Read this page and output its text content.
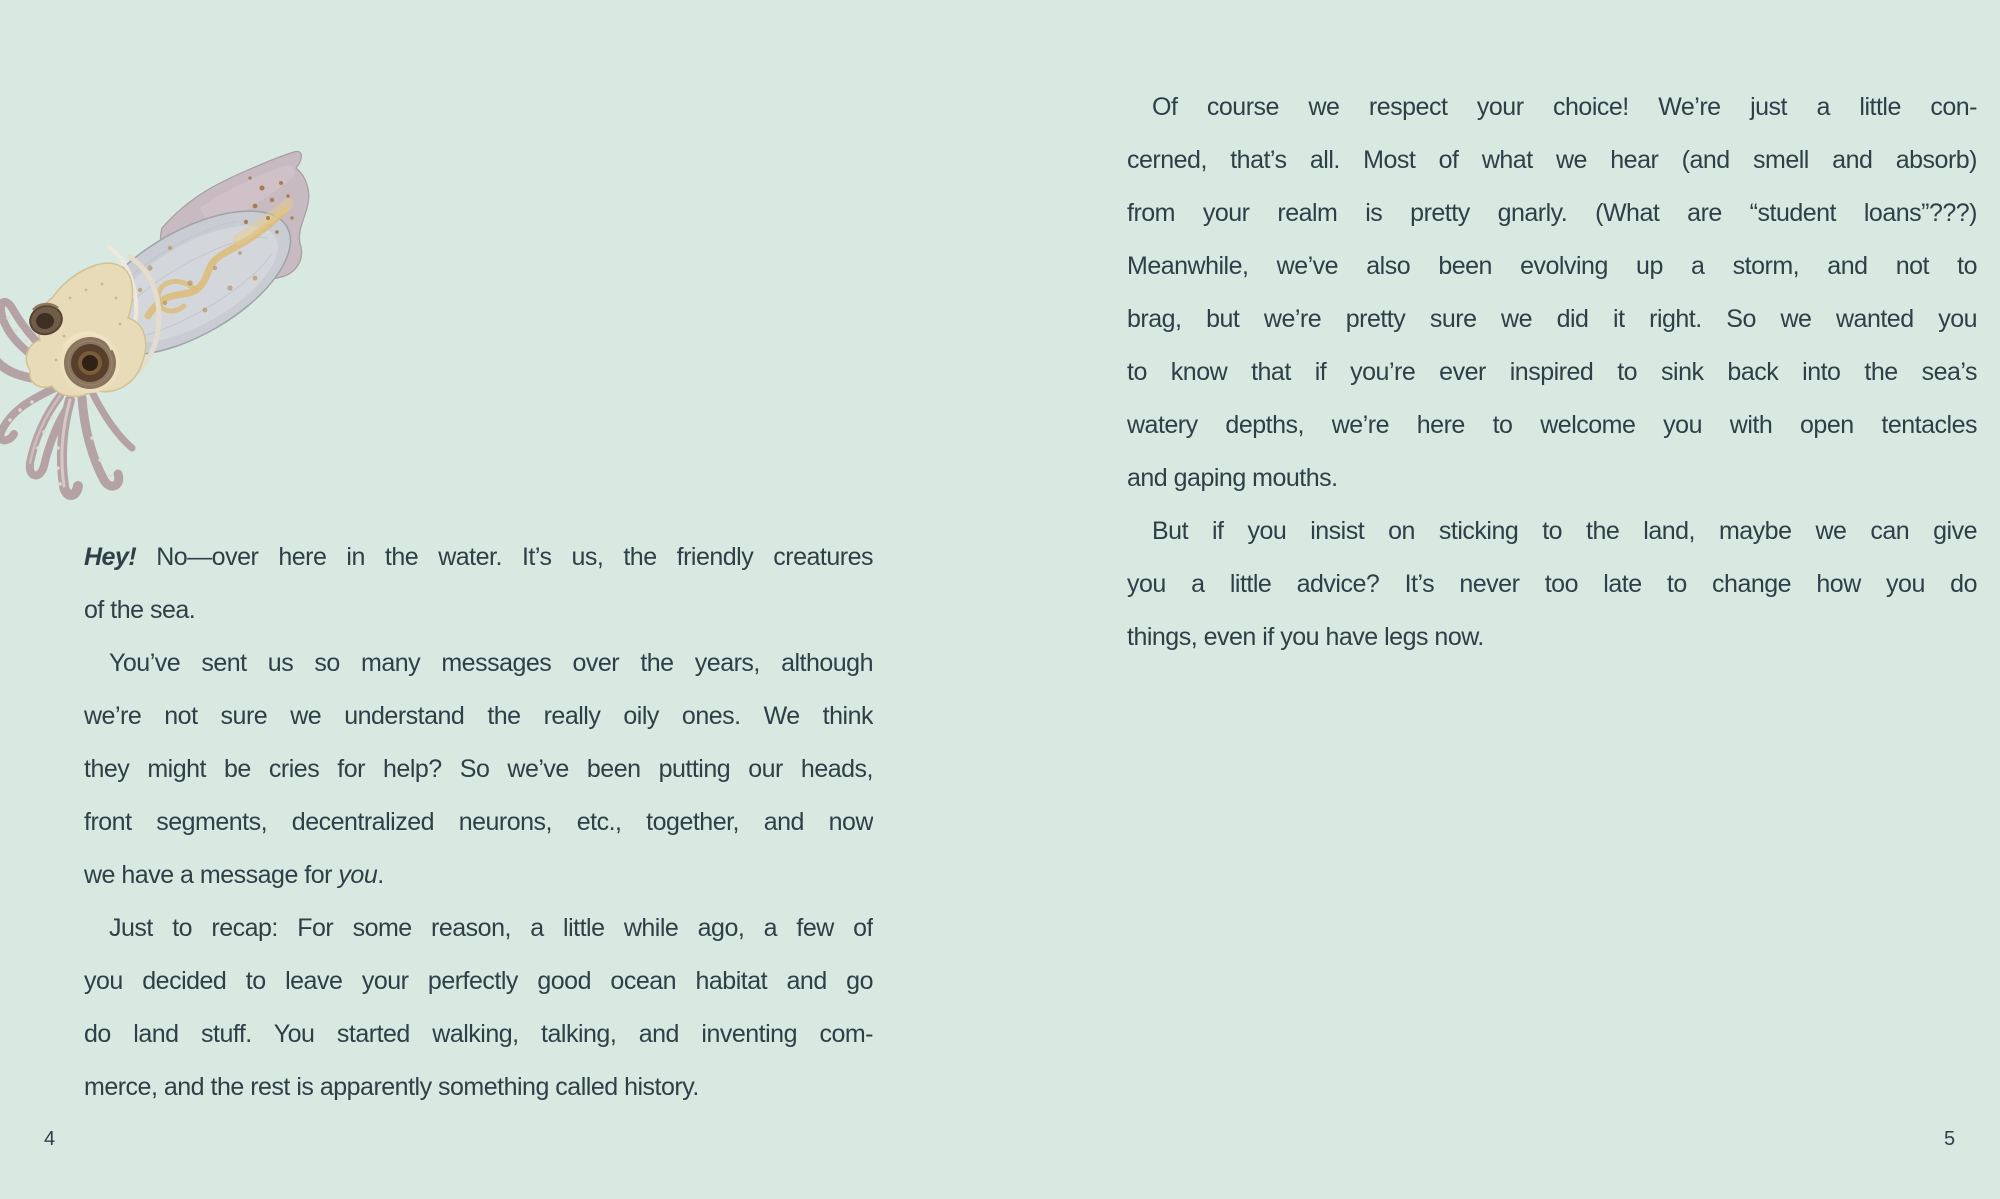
Hey! No—over here in the water. It’s us, the friendly creatures
of the sea.
You’ve sent us so many messages over the years, although
we’re not sure we understand the really oily ones. We think
they might be cries for help? So we’ve been putting our heads,
front segments, decentralized neurons, etc., together, and now
we have a message for you.
Just to recap: For some reason, a little while ago, a few of
you decided to leave your perfectly good ocean habitat and go
do land stuff. You started walking, talking, and inventing com-
merce, and the rest is apparently something called history.
Of course we respect your choice! We’re just a little con-
cerned, that’s all. Most of what we hear (and smell and absorb)
from your realm is pretty gnarly. (What are “student loans”???)
Meanwhile, we’ve also been evolving up a storm, and not to
brag, but we’re pretty sure we did it right. So we wanted you
to know that if you’re ever inspired to sink back into the sea’s
watery depths, we’re here to welcome you with open tentacles
and gaping mouths.
But if you insist on sticking to the land, maybe we can give
you a little advice? It’s never too late to change how you do
things, even if you have legs now.
4	5
